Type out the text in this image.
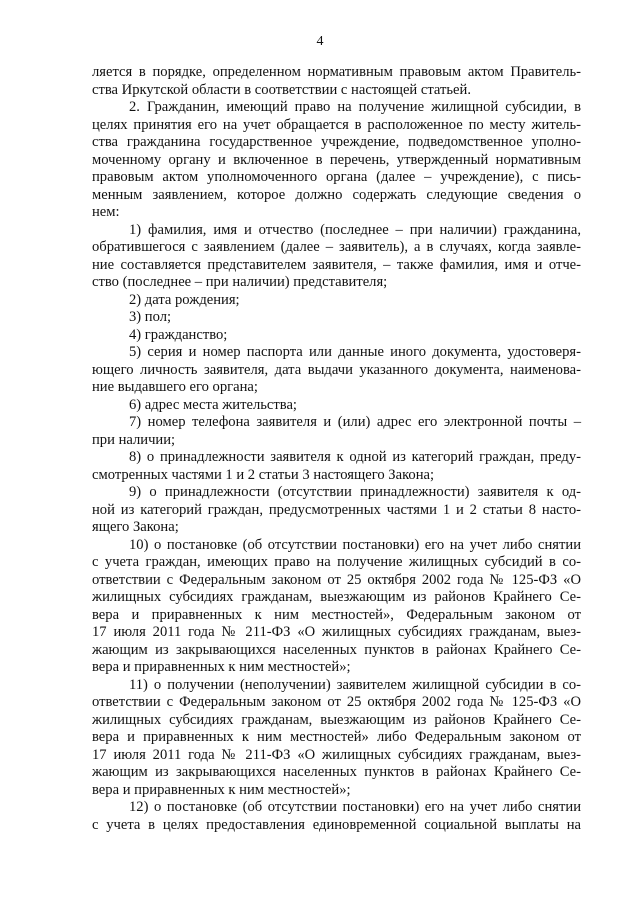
4

ляется в порядке, определенном нормативным правовым актом Правитель-
ства Иркутской области в соответствии с настоящей статьей.

2. Гражданин, имеющий право на получение жилищной субсидии, в
целях принятия его на учет обращается в расположенное по месту житель-
ства гражданина государственное учреждение, подведомственное уполно-
моченному органу и включенное в перечень, утвержденный нормативным
правовым актом уполномоченного органа (далее – учреждение), с пись-
менным заявлением, которое должно содержать следующие сведения о
нем:

1) фамилия, имя и отчество (последнее – при наличии) гражданина,
обратившегося с заявлением (далее – заявитель), а в случаях, когда заявле-
ние составляется представителем заявителя, – также фамилия, имя и отче-
ство (последнее – при наличии) представителя;

2) дата рождения;

3) пол;

4) гражданство;

5) серия и номер паспорта или данные иного документа, удостоверя-
ющего личность заявителя, дата выдачи указанного документа, наименова-
ние выдавшего его органа;

6) адрес места жительства;

7) номер телефона заявителя и (или) адрес его электронной почты –
при наличии;

8) о принадлежности заявителя к одной из категорий граждан, преду-
смотренных частями 1 и 2 статьи 3 настоящего Закона;

9) о принадлежности (отсутствии принадлежности) заявителя к од-
ной из категорий граждан, предусмотренных частями 1 и 2 статьи 8 насто-
ящего Закона;

10) о постановке (об отсутствии постановки) его на учет либо снятии
с учета граждан, имеющих право на получение жилищных субсидий в со-
ответствии с Федеральным законом от 25 октября 2002 года № 125-ФЗ «О
жилищных субсидиях гражданам, выезжающим из районов Крайнего Се-
вера и приравненных к ним местностей», Федеральным законом от
17 июля 2011 года № 211-ФЗ «О жилищных субсидиях гражданам, выез-
жающим из закрывающихся населенных пунктов в районах Крайнего Се-
вера и приравненных к ним местностей»;

11) о получении (неполучении) заявителем жилищной субсидии в со-
ответствии с Федеральным законом от 25 октября 2002 года № 125-ФЗ «О
жилищных субсидиях гражданам, выезжающим из районов Крайнего Се-
вера и приравненных к ним местностей» либо Федеральным законом от
17 июля 2011 года № 211-ФЗ «О жилищных субсидиях гражданам, выез-
жающим из закрывающихся населенных пунктов в районах Крайнего Се-
вера и приравненных к ним местностей»;

12) о постановке (об отсутствии постановки) его на учет либо снятии
с учета в целях предоставления единовременной социальной выплаты на
